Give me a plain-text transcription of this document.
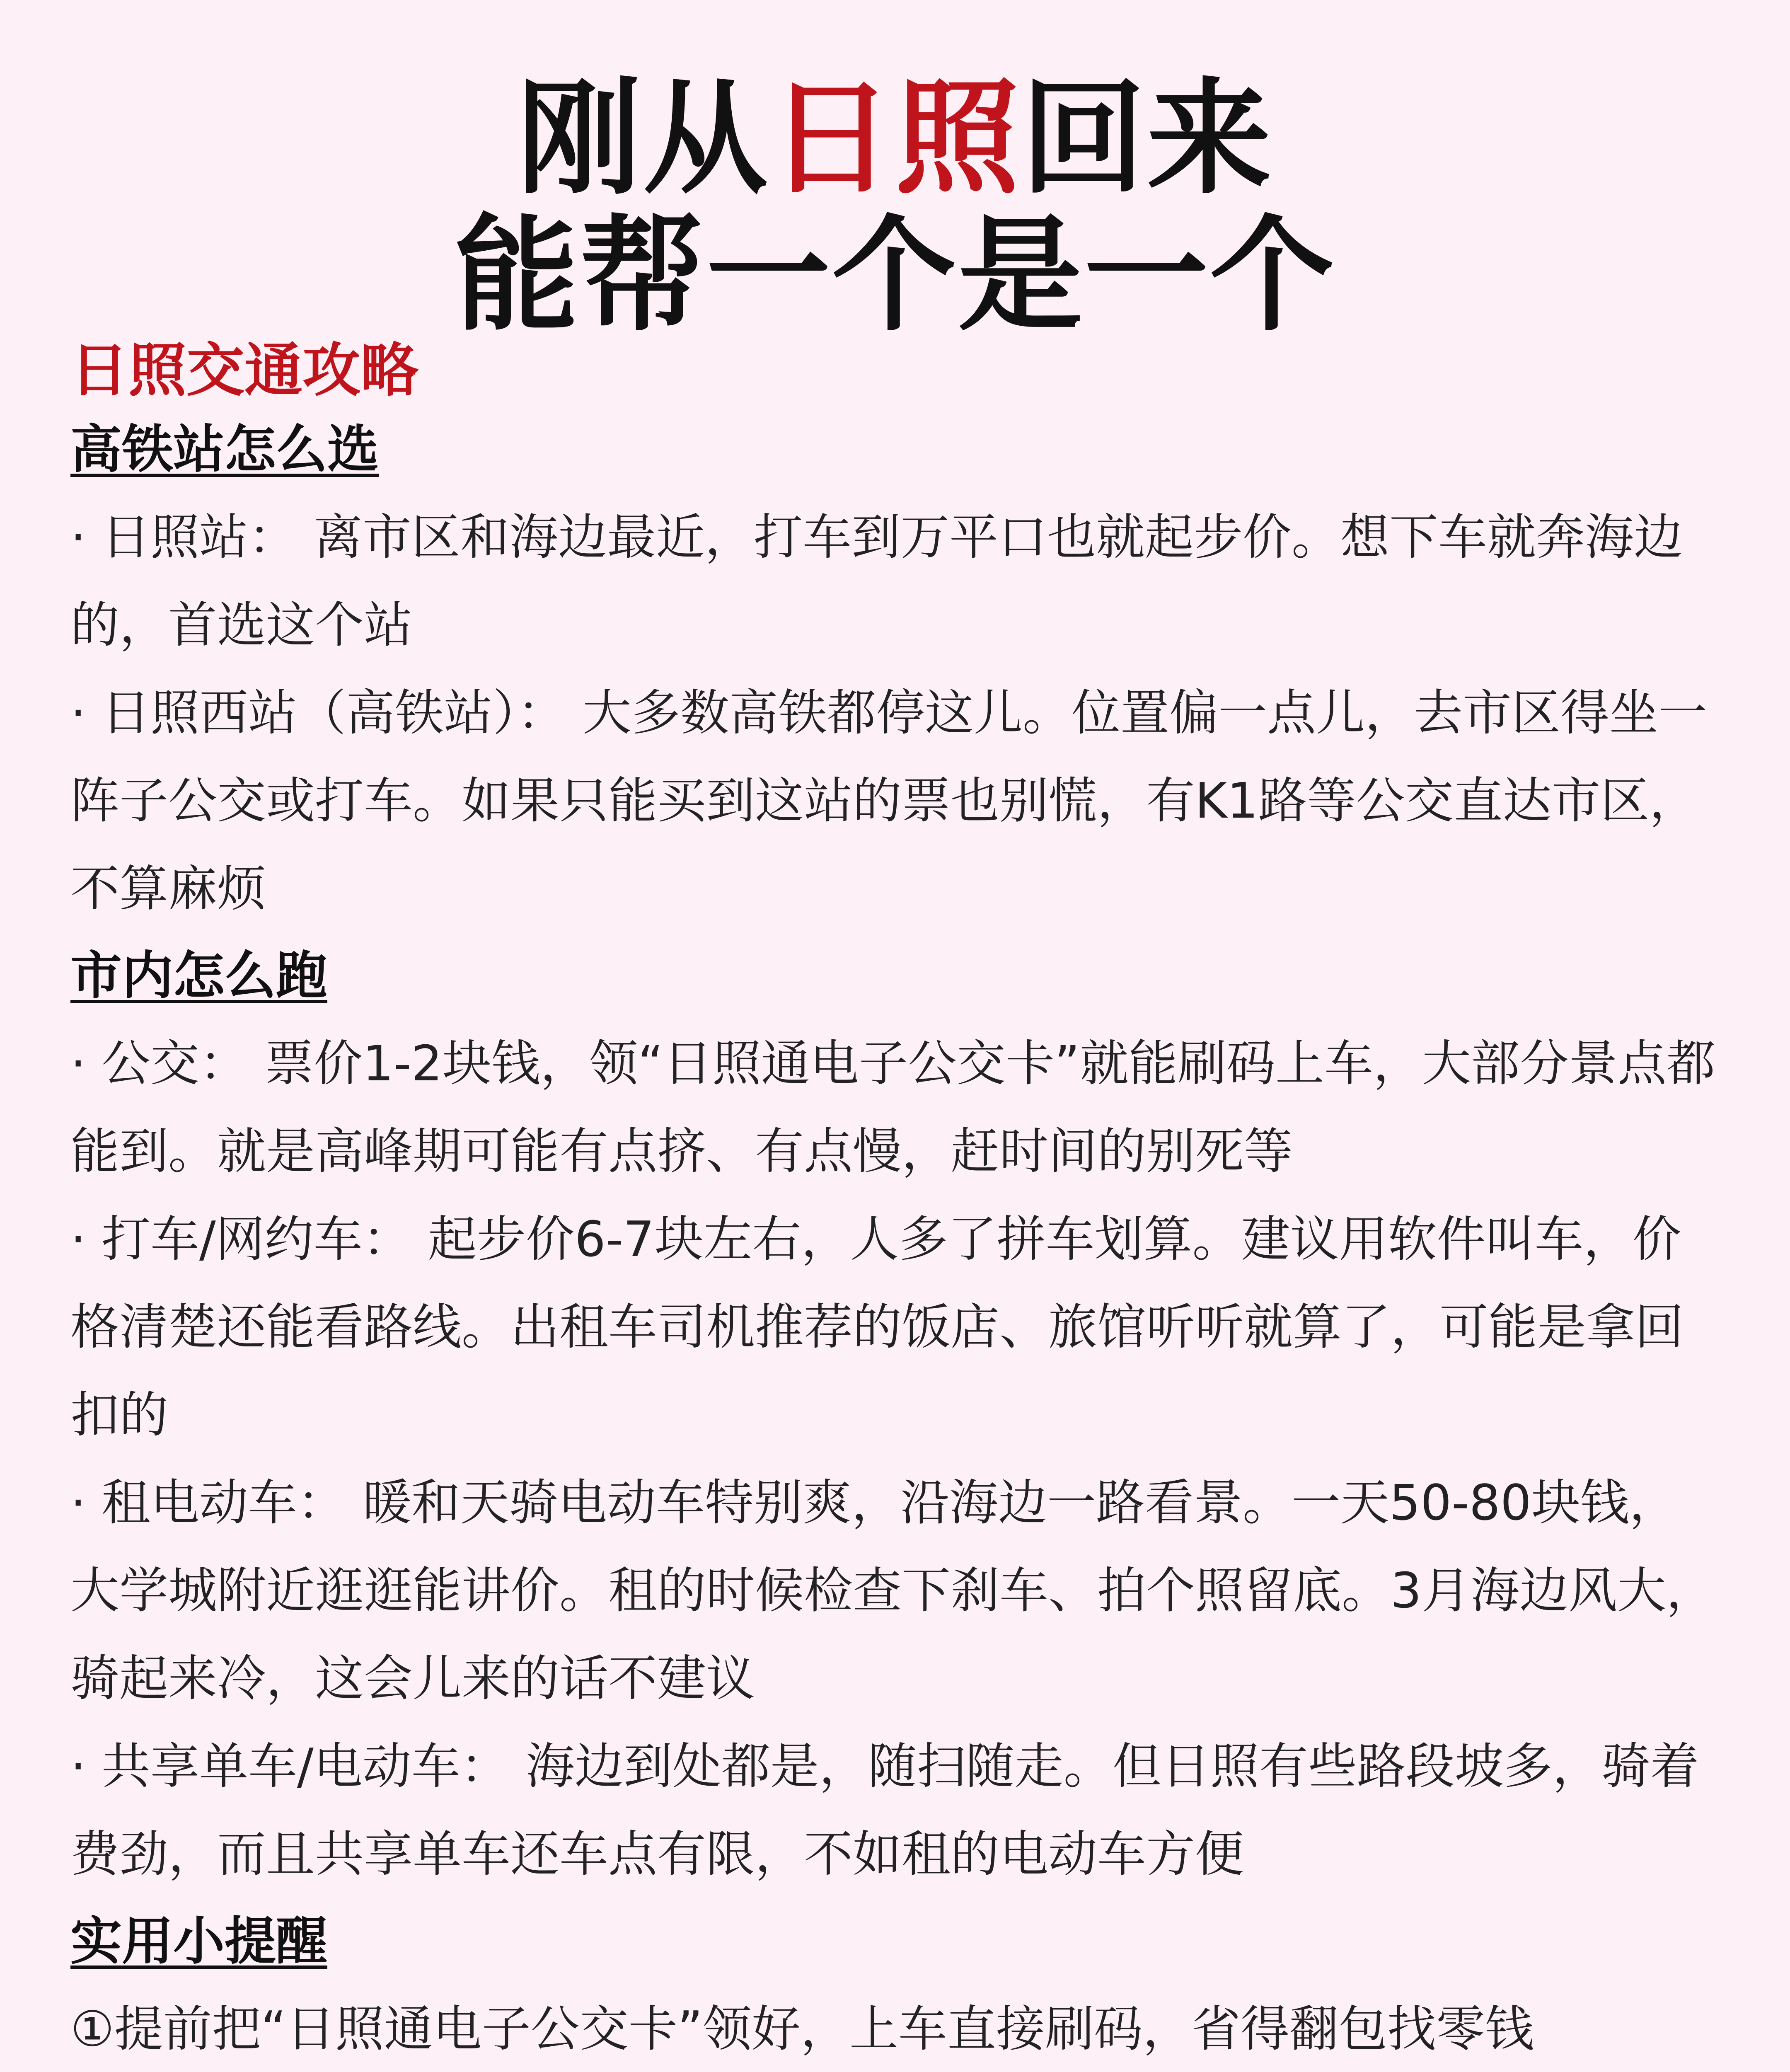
刚从日照回来
能帮一个是一个
日照交通攻略

高铁站怎么选

· 日照站： 离市区和海边最近，打车到万平口也就起步价。想下车就奔海边的，首选这个站

· 日照西站（高铁站）： 大多数高铁都停这儿。位置偏一点儿，去市区得坐一阵子公交或打车。如果只能买到这站的票也别慌，有K1路等公交直达市区，不算麻烦

市内怎么跑

· 公交： 票价1-2块钱，领“日照通电子公交卡”就能刷码上车，大部分景点都能到。就是高峰期可能有点挤、有点慢，赶时间的别死等

· 打车/网约车： 起步价6-7块左右，人多了拼车划算。建议用软件叫车，价格清楚还能看路线。出租车司机推荐的饭店、旅馆听听就算了，可能是拿回扣的

· 租电动车： 暖和天骑电动车特别爽，沿海边一路看景。一天50-80块钱，大学城附近逛逛能讲价。租的时候检查下刹车、拍个照留底。3月海边风大，骑起来冷，这会儿来的话不建议

· 共享单车/电动车： 海边到处都是，随扫随走。但日照有些路段坡多，骑着费劲，而且共享单车还车点有限，不如租的电动车方便

实用小提醒

①提前把“日照通电子公交卡”领好，上车直接刷码，省得翻包找零钱
